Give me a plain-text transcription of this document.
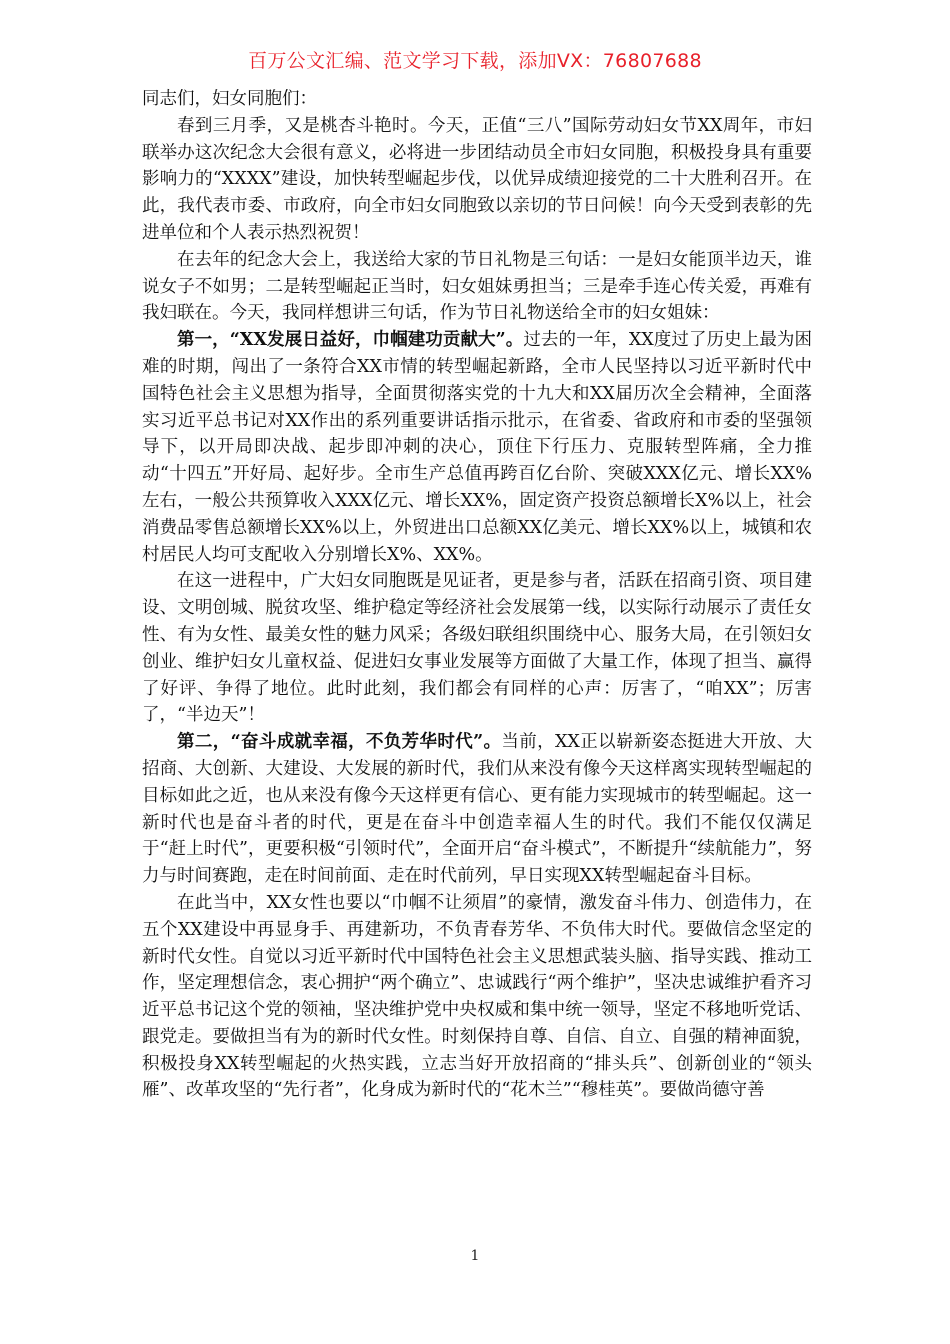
百万公文汇编、范文学习下载，添加VX：76807688

同志们，妇女同胞们：

春到三月季，又是桃杏斗艳时。今天，正值“三八”国际劳动妇女节XX周年，市妇联举办这次纪念大会很有意义，必将进一步团结动员全市妇女同胞，积极投身具有重要影响力的“XXXX”建设，加快转型崛起步伐，以优异成绩迎接党的二十大胜利召开。在此，我代表市委、市政府，向全市妇女同胞致以亲切的节日问候！向今天受到表彰的先进单位和个人表示热烈祝贺！

在去年的纪念大会上，我送给大家的节日礼物是三句话：一是妇女能顶半边天，谁说女子不如男；二是转型崛起正当时，妇女姐妹勇担当；三是牵手连心传关爱，再难有我妇联在。今天，我同样想讲三句话，作为节日礼物送给全市的妇女姐妹：

第一，“XX发展日益好，巾帼建功贡献大”。过去的一年，XX度过了历史上最为困难的时期，闯出了一条符合XX市情的转型崛起新路，全市人民坚持以习近平新时代中国特色社会主义思想为指导，全面贯彻落实党的十九大和XX届历次全会精神，全面落实习近平总书记对XX作出的系列重要讲话指示批示，在省委、省政府和市委的坚强领导下，以开局即决战、起步即冲刺的决心，顶住下行压力、克服转型阵痛，全力推动“十四五”开好局、起好步。全市生产总值再跨百亿台阶、突破XXX亿元、增长XX%左右，一般公共预算收入XXX亿元、增长XX%，固定资产投资总额增长X%以上，社会消费品零售总额增长XX%以上，外贸进出口总额XX亿美元、增长XX%以上，城镇和农村居民人均可支配收入分别增长X%、XX%。

在这一进程中，广大妇女同胞既是见证者，更是参与者，活跃在招商引资、项目建设、文明创城、脱贫攻坚、维护稳定等经济社会发展第一线，以实际行动展示了责任女性、有为女性、最美女性的魅力风采；各级妇联组织围绕中心、服务大局，在引领妇女创业、维护妇女儿童权益、促进妇女事业发展等方面做了大量工作，体现了担当、赢得了好评、争得了地位。此时此刻，我们都会有同样的心声：厉害了，“咱XX”；厉害了，“半边天”！

第二，“奋斗成就幸福，不负芳华时代”。当前，XX正以崭新姿态挺进大开放、大招商、大创新、大建设、大发展的新时代，我们从来没有像今天这样离实现转型崛起的目标如此之近，也从来没有像今天这样更有信心、更有能力实现城市的转型崛起。这一新时代也是奋斗者的时代，更是在奋斗中创造幸福人生的时代。我们不能仅仅满足于“赶上时代”，更要积极“引领时代”，全面开启“奋斗模式”，不断提升“续航能力”，努力与时间赛跑，走在时间前面、走在时代前列，早日实现XX转型崛起奋斗目标。

在此当中，XX女性也要以“巾帼不让须眉”的豪情，激发奋斗伟力、创造伟力，在五个XX建设中再显身手、再建新功，不负青春芳华、不负伟大时代。要做信念坚定的新时代女性。自觉以习近平新时代中国特色社会主义思想武装头脑、指导实践、推动工作，坚定理想信念，衷心拥护“两个确立”、忠诚践行“两个维护”，坚决忠诚维护看齐习近平总书记这个党的领袖，坚决维护党中央权威和集中统一领导，坚定不移地听党话、跟党走。要做担当有为的新时代女性。时刻保持自尊、自信、自立、自强的精神面貌，积极投身XX转型崛起的火热实践，立志当好开放招商的“排头兵”、创新创业的“领头雁”、改革攻坚的“先行者”，化身成为新时代的“花木兰”“穆桂英”。要做尚德守善

1
